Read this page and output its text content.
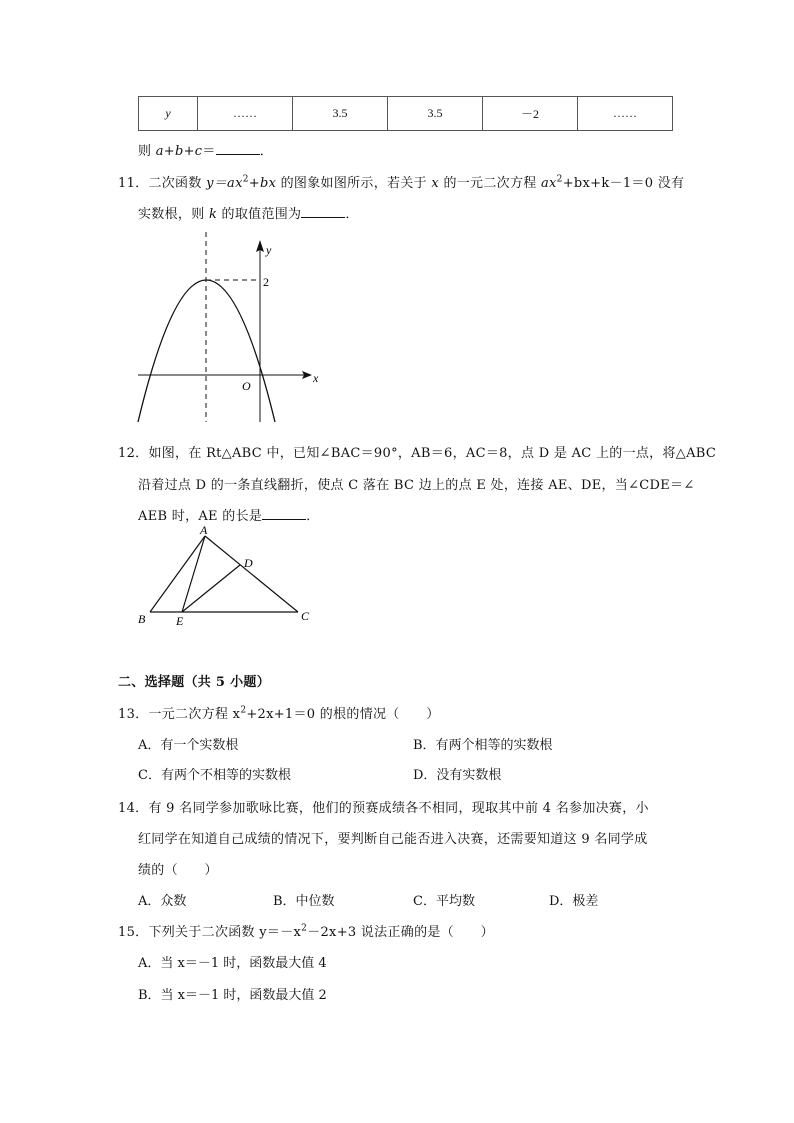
y	……	3.5	3.5	－2	……
则 a+b+c＝	．
11．二次函数 $y=ax^2+bx$ 的图象如图所示，若关于 x 的一元二次方程 $ax^2+bx+k-1=0$ 没有
实数根，则 k 的取值范围为	．
y
x
O
2
12．如图，在 Rt△ABC 中，已知∠BAC＝90°，AB＝6，AC＝8，点 D 是 AC 上的一点，将△ABC
沿着过点 D 的一条直线翻折，使点 C 落在 BC 边上的点 E 处，连接 AE、DE，当∠CDE＝∠
AEB 时，AE 的长是	．
A
D
B	E	C
二、选择题（共 5 小题）
13．一元二次方程 $x^2+2x+1=0$ 的根的情况（　　）
A．有一个实数根	B．有两个相等的实数根
C．有两个不相等的实数根	D．没有实数根
14．有 9 名同学参加歌咏比赛，他们的预赛成绩各不相同，现取其中前 4 名参加决赛，小
红同学在知道自己成绩的情况下，要判断自己能否进入决赛，还需要知道这 9 名同学成
绩的（　　）
A．众数	B．中位数	C．平均数	D．极差
15．下列关于二次函数 $y=-x^2-2x+3$ 说法正确的是（　　）
A．当 x＝－1 时，函数最大值 4
B．当 x＝－1 时，函数最大值 2
